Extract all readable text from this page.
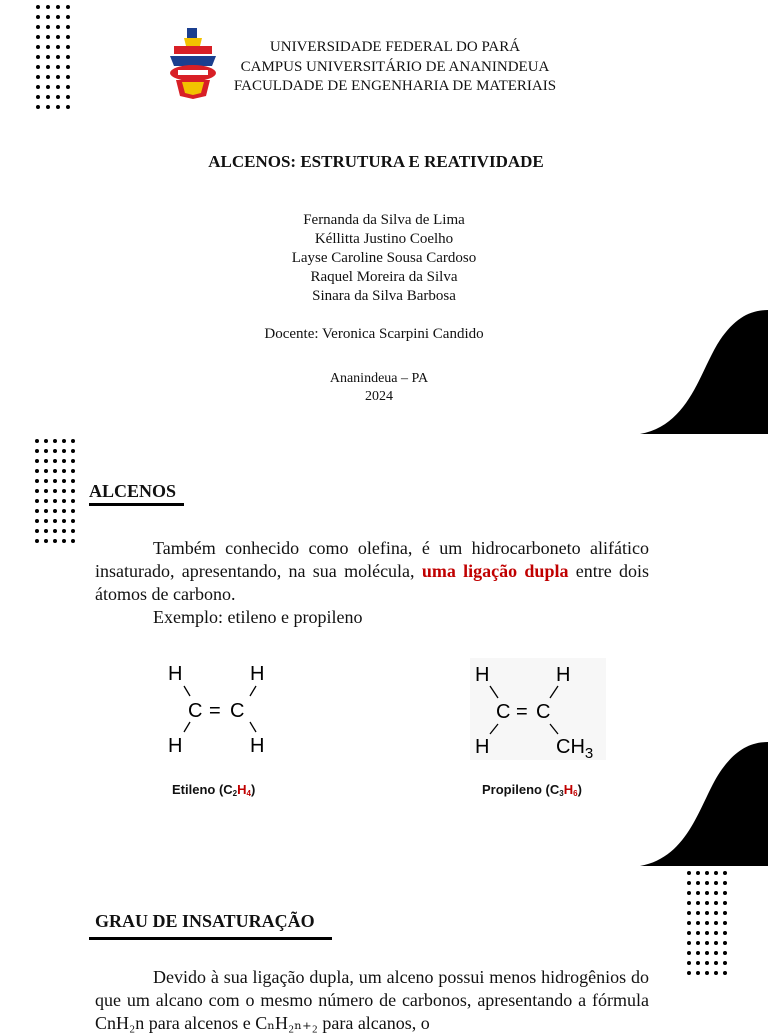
UNIVERSIDADE FEDERAL DO PARÁ
CAMPUS UNIVERSITÁRIO DE ANANINDEUA
FACULDADE DE ENGENHARIA DE MATERIAIS
ALCENOS: ESTRUTURA E REATIVIDADE
Fernanda da Silva de Lima
Kéllitta Justino Coelho
Layse Caroline Sousa Cardoso
Raquel Moreira da Silva
Sinara da Silva Barbosa
Docente: Veronica Scarpini Candido
Ananindeua – PA
2024
ALCENOS
Também conhecido como olefina, é um hidrocarboneto alifático insaturado, apresentando, na sua molécula, uma ligação dupla entre dois átomos de carbono.
Exemplo: etileno e propileno
H	H
H	H
C = C
Etileno $(C_2H4)$
H	H
H
C = C
$CH_3$
Propileno $(C_3H6)$
GRAU DE INSATURAÇÃO
Devido à sua ligação dupla, um alceno possui menos hidrogênios do que um alcano com o mesmo número de carbonos, apresentando a fórmula CnH₂n para alcenos e CₙH₂ₙ₊₂ para alcanos, o
